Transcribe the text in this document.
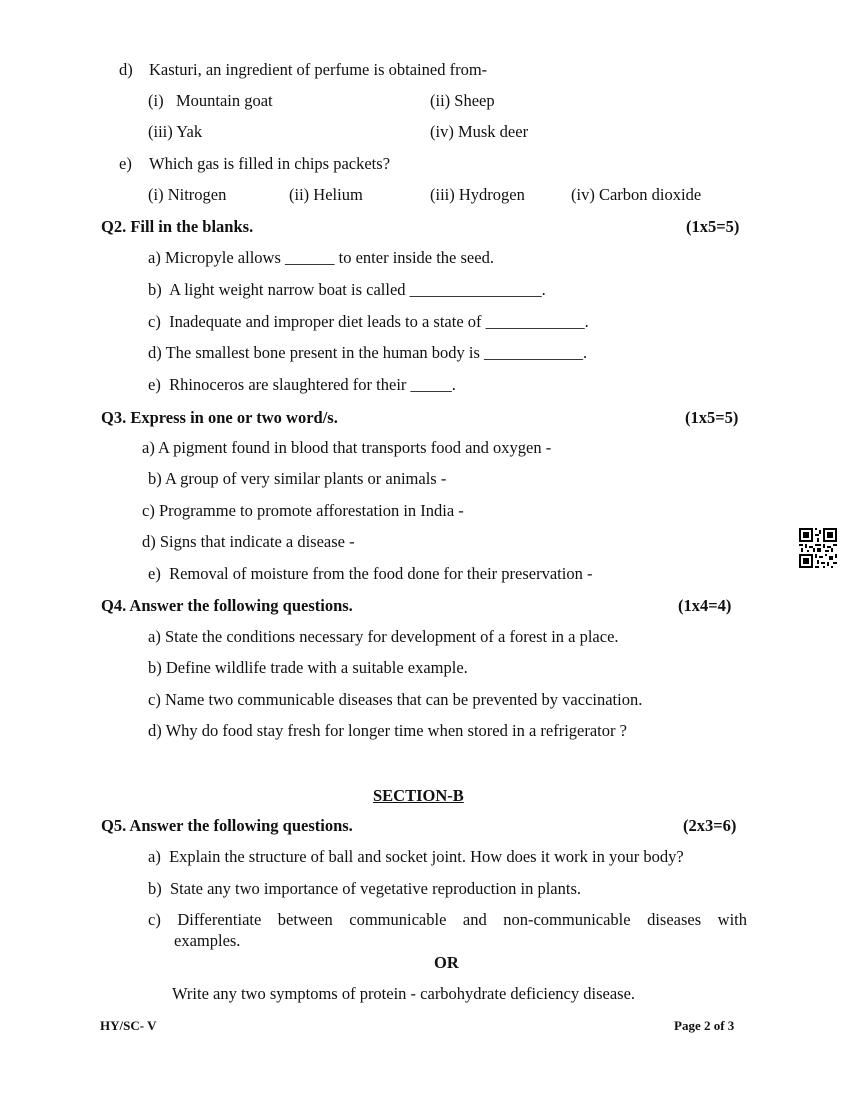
d) Kasturi, an ingredient of perfume is obtained from-
(i)   Mountain goat	(ii) Sheep
(iii) Yak	(iv) Musk deer
e) Which gas is filled in chips packets?
(i) Nitrogen	(ii) Helium	(iii) Hydrogen	(iv) Carbon dioxide
Q2. Fill in the blanks.	(1x5=5)
a) Micropyle allows ______ to enter inside the seed.
b)  A light weight narrow boat is called ________________.
c)  Inadequate and improper diet leads to a state of ____________.
d) The smallest bone present in the human body is ____________.
e)  Rhinoceros are slaughtered for their _____.
Q3. Express in one or two word/s.	(1x5=5)
a) A pigment found in blood that transports food and oxygen -
b) A group of very similar plants or animals -
c) Programme to promote afforestation in India -
d) Signs that indicate a disease -
e)  Removal of moisture from the food done for their preservation -
Q4. Answer the following questions.	(1x4=4)
a) State the conditions necessary for development of a forest in a place.
b) Define wildlife trade with a suitable example.
c) Name two communicable diseases that can be prevented by vaccination.
d) Why do food stay fresh for longer time when stored in a refrigerator ?
SECTION-B
Q5. Answer the following questions.	(2x3=6)
a)  Explain the structure of ball and socket joint. How does it work in your body?
b)  State any two importance of vegetative reproduction in plants.
c) Differentiate between communicable and non-communicable diseases with
examples.
OR
Write any two symptoms of protein - carbohydrate deficiency disease.
HY/SC- V	Page 2 of 3
